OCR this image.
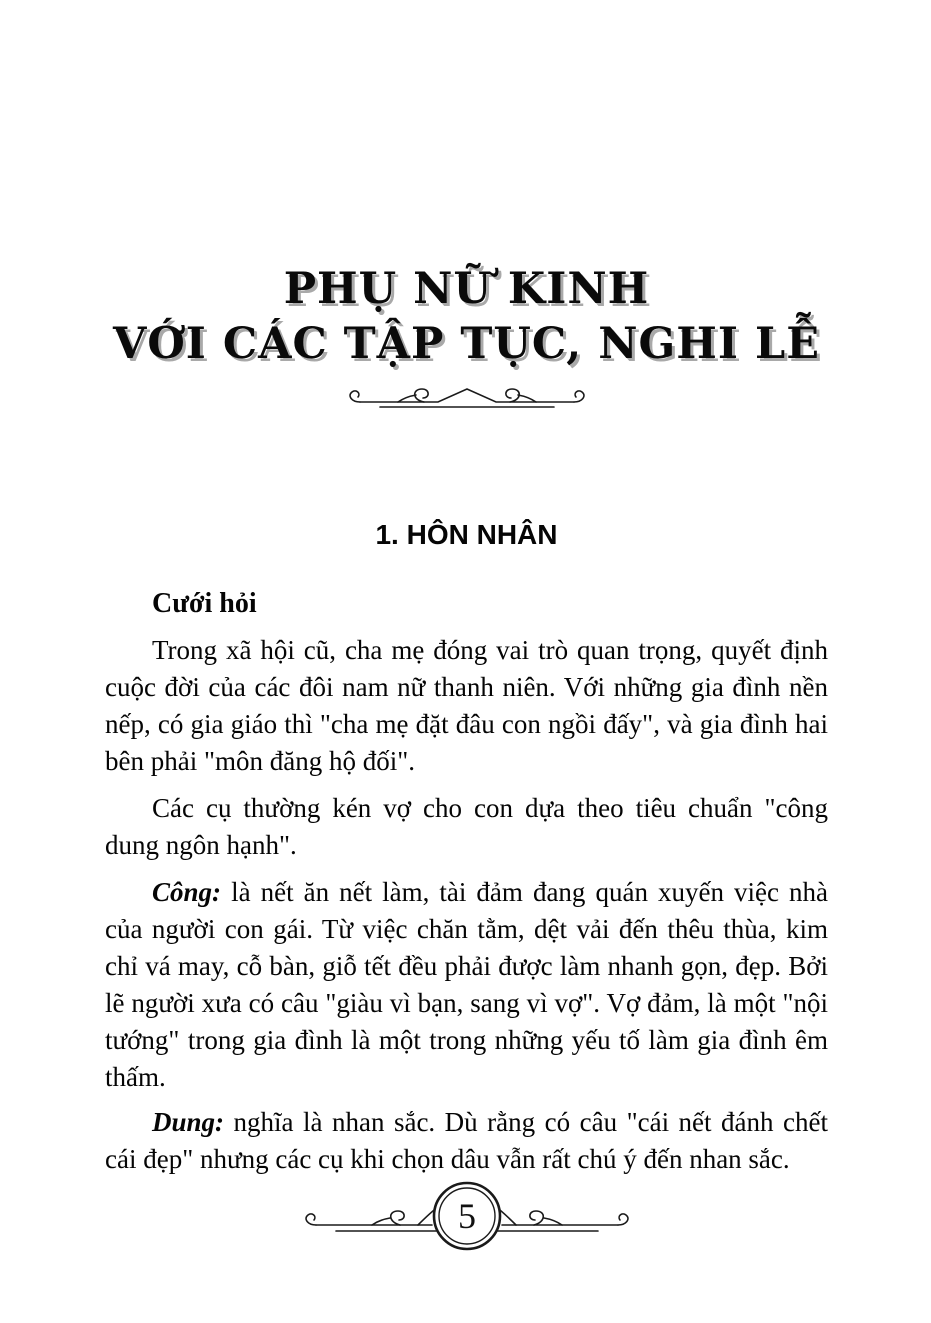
PHỤ NỮ KINH
VỚI CÁC TẬP TỤC, NGHI LỄ
1. HÔN NHÂN
Cưới hỏi

Trong xã hội cũ, cha mẹ đóng vai trò quan trọng, quyết định cuộc đời của các đôi nam nữ thanh niên. Với những gia đình nền nếp, có gia giáo thì "cha mẹ đặt đâu con ngồi đấy", và gia đình hai bên phải "môn đăng hộ đối".

Các cụ thường kén vợ cho con dựa theo tiêu chuẩn "công dung ngôn hạnh".

Công: là nết ăn nết làm, tài đảm đang quán xuyến việc nhà của người con gái. Từ việc chăn tằm, dệt vải đến thêu thùa, kim chỉ vá may, cỗ bàn, giỗ tết đều phải được làm nhanh gọn, đẹp. Bởi lẽ người xưa có câu "giàu vì bạn, sang vì vợ". Vợ đảm, là một "nội tướng" trong gia đình là một trong những yếu tố làm gia đình êm thấm.

Dung: nghĩa là nhan sắc. Dù rằng có câu "cái nết đánh chết cái đẹp" nhưng các cụ khi chọn dâu vẫn rất chú ý đến nhan sắc.

5
